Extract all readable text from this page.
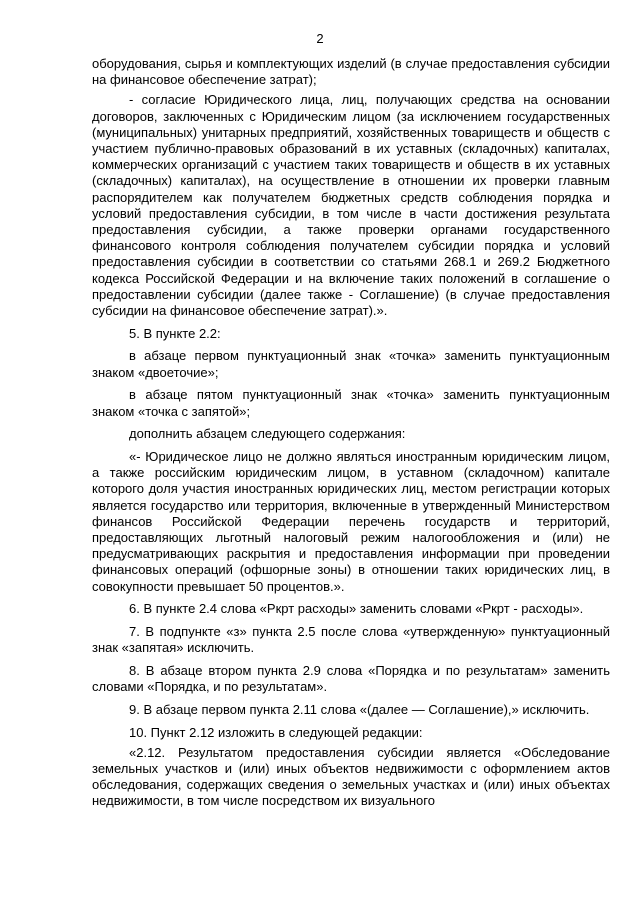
2

оборудования, сырья и комплектующих изделий (в случае предоставления субсидии на финансовое обеспечение затрат);

- согласие Юридического лица, лиц, получающих средства на основании договоров, заключенных с Юридическим лицом (за исключением государственных (муниципальных) унитарных предприятий, хозяйственных товариществ и обществ с участием публично-правовых образований в их уставных (складочных) капиталах, коммерческих организаций с участием таких товариществ и обществ в их уставных (складочных) капиталах), на осуществление в отношении их проверки главным распорядителем как получателем бюджетных средств соблюдения порядка и условий предоставления субсидии, в том числе в части достижения результата предоставления субсидии, а также проверки органами государственного финансового контроля соблюдения получателем субсидии порядка и условий предоставления субсидии в соответствии со статьями 268.1 и 269.2 Бюджетного кодекса Российской Федерации и на включение таких положений в соглашение о предоставлении субсидии (далее также - Соглашение) (в случае предоставления субсидии на финансовое обеспечение затрат).».

5. В пункте 2.2:

в абзаце первом пунктуационный знак «точка» заменить пунктуационным знаком «двоеточие»;

в абзаце пятом пунктуационный знак «точка» заменить пунктуационным знаком «точка с запятой»;

дополнить абзацем следующего содержания:

«- Юридическое лицо не должно являться иностранным юридическим лицом, а также российским юридическим лицом, в уставном (складочном) капитале которого доля участия иностранных юридических лиц, местом регистрации которых является государство или территория, включенные в утвержденный Министерством финансов Российской Федерации перечень государств и территорий, предоставляющих льготный налоговый режим налогообложения и (или) не предусматривающих раскрытия и предоставления информации при проведении финансовых операций (офшорные зоны) в отношении таких юридических лиц, в совокупности превышает 50 процентов.».

6. В пункте 2.4 слова «Ркрт расходы» заменить словами «Ркрт - расходы».

7. В подпункте «з» пункта 2.5 после слова «утвержденную» пунктуационный знак «запятая» исключить.

8. В абзаце втором пункта 2.9 слова «Порядка и по результатам» заменить словами «Порядка, и по результатам».

9. В абзаце первом пункта 2.11 слова «(далее — Соглашение),» исключить.

10. Пункт 2.12 изложить в следующей редакции:

«2.12. Результатом предоставления субсидии является «Обследование земельных участков и (или) иных объектов недвижимости с оформлением актов обследования, содержащих сведения о земельных участках и (или) иных объектах недвижимости, в том числе посредством их визуального
